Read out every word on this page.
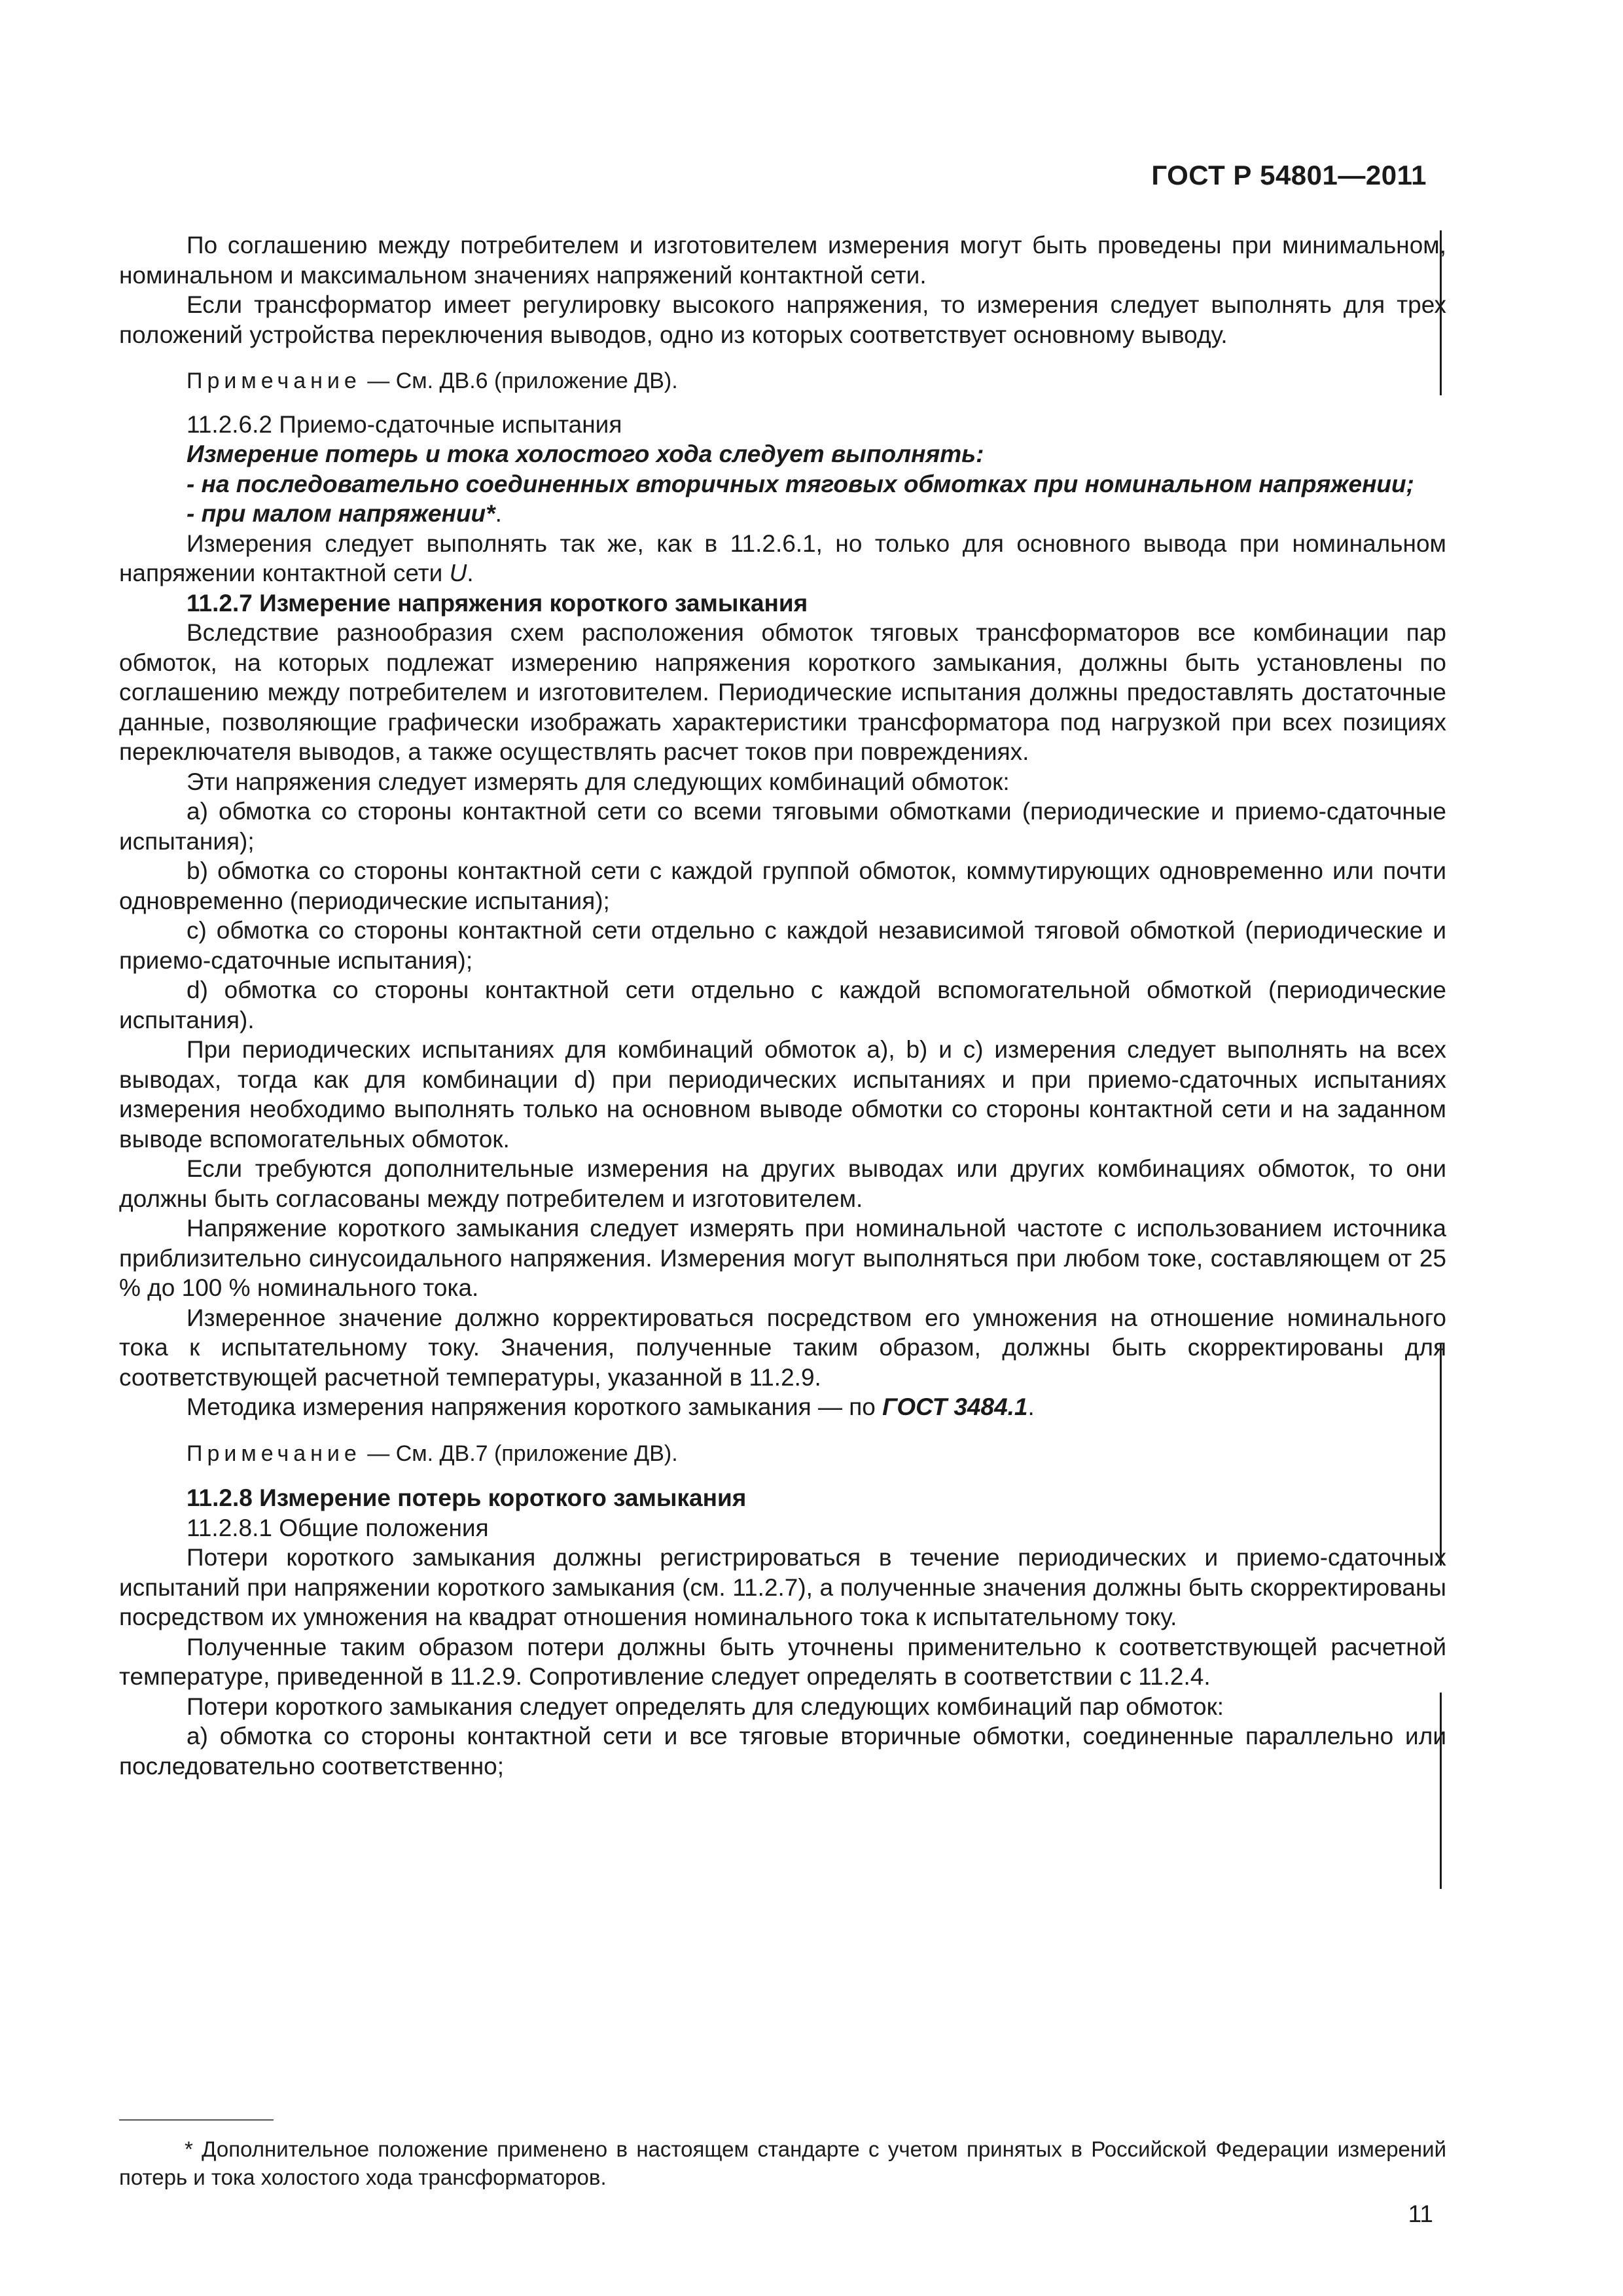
ГОСТ Р 54801—2011

По соглашению между потребителем и изготовителем измерения могут быть проведены при минимальном, номинальном и максимальном значениях напряжений контактной сети.

Если трансформатор имеет регулировку высокого напряжения, то измерения следует выполнять для трех положений устройства переключения выводов, одно из которых соответствует основному выводу.

Примечание — См. ДВ.6 (приложение ДВ).

11.2.6.2 Приемо-сдаточные испытания

Измерение потерь и тока холостого хода следует выполнять:

- на последовательно соединенных вторичных тяговых обмотках при номинальном напряжении;

- при малом напряжении*.

Измерения следует выполнять так же, как в 11.2.6.1, но только для основного вывода при номинальном напряжении контактной сети U.

11.2.7 Измерение напряжения короткого замыкания

Вследствие разнообразия схем расположения обмоток тяговых трансформаторов все комбинации пар обмоток, на которых подлежат измерению напряжения короткого замыкания, должны быть установлены по соглашению между потребителем и изготовителем. Периодические испытания должны предоставлять достаточные данные, позволяющие графически изображать характеристики трансформатора под нагрузкой при всех позициях переключателя выводов, а также осуществлять расчет токов при повреждениях.

Эти напряжения следует измерять для следующих комбинаций обмоток:

а) обмотка со стороны контактной сети со всеми тяговыми обмотками (периодические и приемо-сдаточные испытания);

b) обмотка со стороны контактной сети с каждой группой обмоток, коммутирующих одновременно или почти одновременно (периодические испытания);

с) обмотка со стороны контактной сети отдельно с каждой независимой тяговой обмоткой (периодические и приемо-сдаточные испытания);

d) обмотка со стороны контактной сети отдельно с каждой вспомогательной обмоткой (периодические испытания).

При периодических испытаниях для комбинаций обмоток а), b) и с) измерения следует выполнять на всех выводах, тогда как для комбинации d) при периодических испытаниях и при приемо-сдаточных испытаниях измерения необходимо выполнять только на основном выводе обмотки со стороны контактной сети и на заданном выводе вспомогательных обмоток.

Если требуются дополнительные измерения на других выводах или других комбинациях обмоток, то они должны быть согласованы между потребителем и изготовителем.

Напряжение короткого замыкания следует измерять при номинальной частоте с использованием источника приблизительно синусоидального напряжения. Измерения могут выполняться при любом токе, составляющем от 25 % до 100 % номинального тока.

Измеренное значение должно корректироваться посредством его умножения на отношение номинального тока к испытательному току. Значения, полученные таким образом, должны быть скорректированы для соответствующей расчетной температуры, указанной в 11.2.9.

Методика измерения напряжения короткого замыкания — по ГОСТ 3484.1.

Примечание — См. ДВ.7 (приложение ДВ).

11.2.8 Измерение потерь короткого замыкания

11.2.8.1 Общие положения

Потери короткого замыкания должны регистрироваться в течение периодических и приемо-сдаточных испытаний при напряжении короткого замыкания (см. 11.2.7), а полученные значения должны быть скорректированы посредством их умножения на квадрат отношения номинального тока к испытательному току.

Полученные таким образом потери должны быть уточнены применительно к соответствующей расчетной температуре, приведенной в 11.2.9. Сопротивление следует определять в соответствии с 11.2.4.

Потери короткого замыкания следует определять для следующих комбинаций пар обмоток:

а) обмотка со стороны контактной сети и все тяговые вторичные обмотки, соединенные параллельно или последовательно соответственно;

* Дополнительное положение применено в настоящем стандарте с учетом принятых в Российской Федерации измерений потерь и тока холостого хода трансформаторов.

11
